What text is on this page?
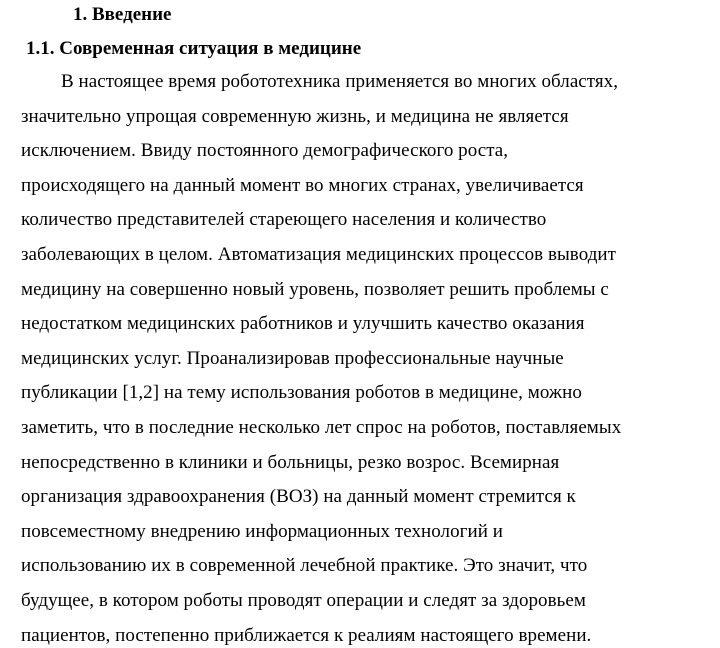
1. Введение
1.1. Современная ситуация в медицине
В настоящее время робототехника применяется во многих областях,
значительно упрощая современную жизнь, и медицина не является
исключением. Ввиду постоянного демографического роста,
происходящего на данный момент во многих странах, увеличивается
количество представителей стареющего населения и количество
заболевающих в целом. Автоматизация медицинских процессов выводит
медицину на совершенно новый уровень, позволяет решить проблемы с
недостатком медицинских работников и улучшить качество оказания
медицинских услуг. Проанализировав профессиональные научные
публикации [1,2] на тему использования роботов в медицине, можно
заметить, что в последние несколько лет спрос на роботов, поставляемых
непосредственно в клиники и больницы, резко возрос. Всемирная
организация здравоохранения (ВОЗ) на данный момент стремится к
повсеместному внедрению информационных технологий и
использованию их в современной лечебной практике. Это значит, что
будущее, в котором роботы проводят операции и следят за здоровьем
пациентов, постепенно приближается к реалиям настоящего времени.
